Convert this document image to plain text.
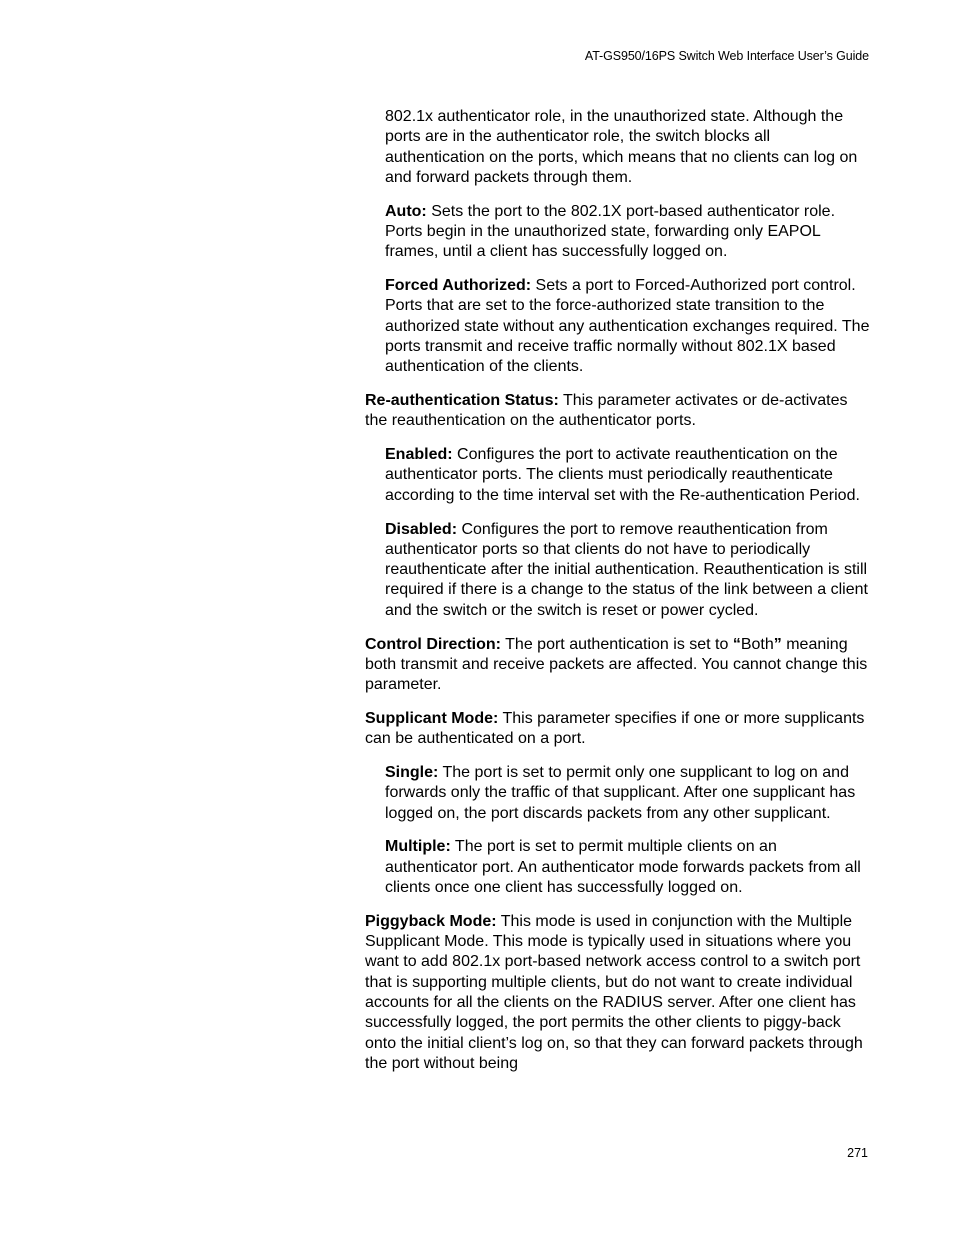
AT-GS950/16PS Switch Web Interface User’s Guide

802.1x authenticator role, in the unauthorized state. Although the ports are in the authenticator role, the switch blocks all authentication on the ports, which means that no clients can log on and forward packets through them.

Auto: Sets the port to the 802.1X port-based authenticator role. Ports begin in the unauthorized state, forwarding only EAPOL frames, until a client has successfully logged on.

Forced Authorized: Sets a port to Forced-Authorized port control. Ports that are set to the force-authorized state transition to the authorized state without any authentication exchanges required. The ports transmit and receive traffic normally without 802.1X based authentication of the clients.

Re-authentication Status: This parameter activates or de-activates the reauthentication on the authenticator ports.

Enabled: Configures the port to activate reauthentication on the authenticator ports. The clients must periodically reauthenticate according to the time interval set with the Re-authentication Period.

Disabled: Configures the port to remove reauthentication from authenticator ports so that clients do not have to periodically reauthenticate after the initial authentication. Reauthentication is still required if there is a change to the status of the link between a client and the switch or the switch is reset or power cycled.

Control Direction: The port authentication is set to “Both” meaning both transmit and receive packets are affected. You cannot change this parameter.

Supplicant Mode: This parameter specifies if one or more supplicants can be authenticated on a port.

Single: The port is set to permit only one supplicant to log on and forwards only the traffic of that supplicant. After one supplicant has logged on, the port discards packets from any other supplicant.

Multiple: The port is set to permit multiple clients on an authenticator port. An authenticator mode forwards packets from all clients once one client has successfully logged on.

Piggyback Mode: This mode is used in conjunction with the Multiple Supplicant Mode. This mode is typically used in situations where you want to add 802.1x port-based network access control to a switch port that is supporting multiple clients, but do not want to create individual accounts for all the clients on the RADIUS server. After one client has successfully logged, the port permits the other clients to piggy-back onto the initial client’s log on, so that they can forward packets through the port without being

271
